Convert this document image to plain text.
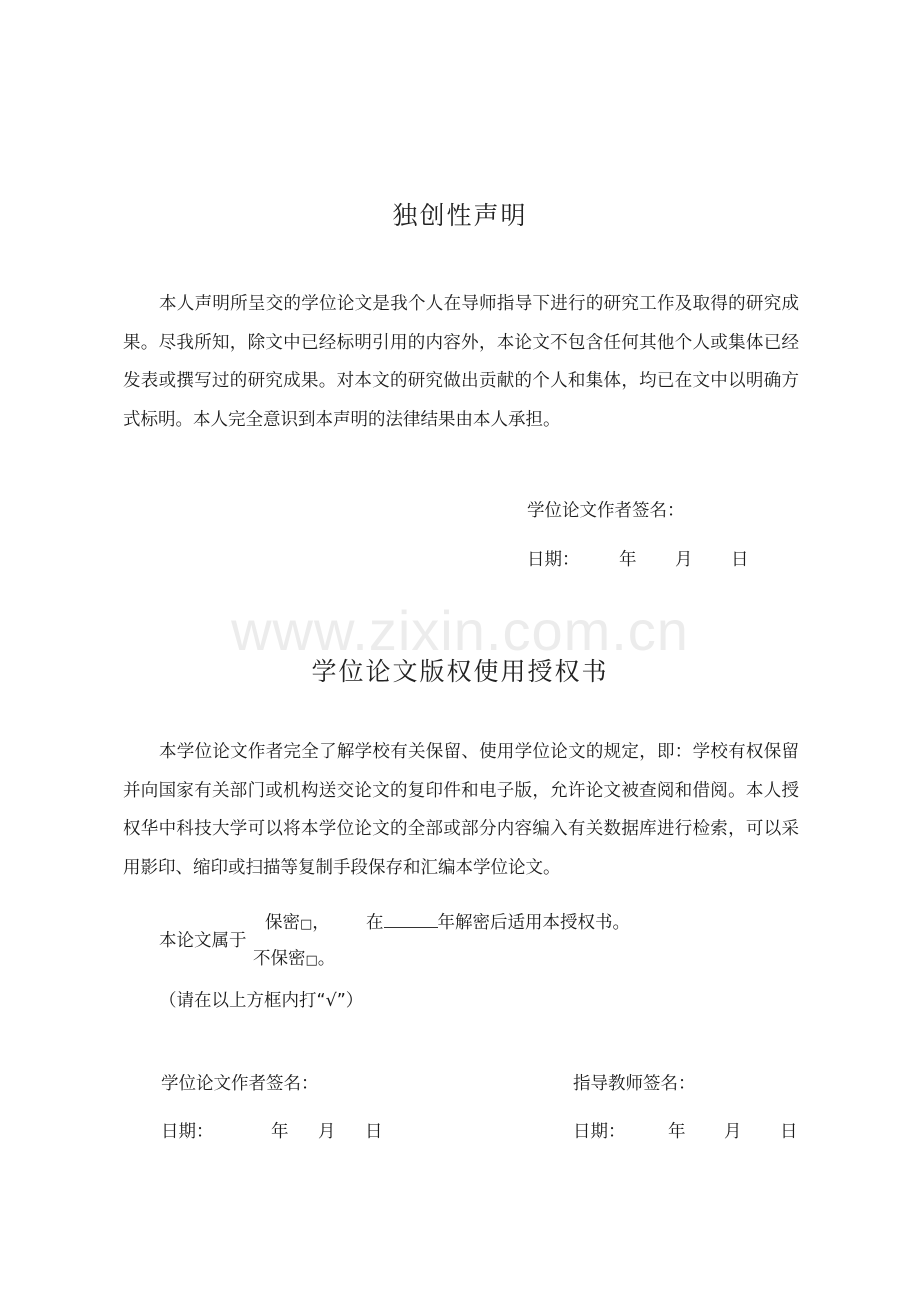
独创性声明
本人声明所呈交的学位论文是我个人在导师指导下进行的研究工作及取得的研究成果。尽我所知，除文中已经标明引用的内容外，本论文不包含任何其他个人或集体已经发表或撰写过的研究成果。对本文的研究做出贡献的个人和集体，均已在文中以明确方式标明。本人完全意识到本声明的法律结果由本人承担。
学位论文作者签名：
日期： 年 月 日
www.zixin.com.cn
学位论文版权使用授权书
本学位论文作者完全了解学校有关保留、使用学位论文的规定，即：学校有权保留并向国家有关部门或机构送交论文的复印件和电子版，允许论文被查阅和借阅。本人授权华中科技大学可以将本学位论文的全部或部分内容编入有关数据库进行检索，可以采用影印、缩印或扫描等复制手段保存和汇编本学位论文。
本论文属于
保密□， 在	年解密后适用本授权书。
不保密□。
（请在以上方框内打“√”）
学位论文作者签名：	指导教师签名：
日期：	年 月 日	日期： 年 月 日
